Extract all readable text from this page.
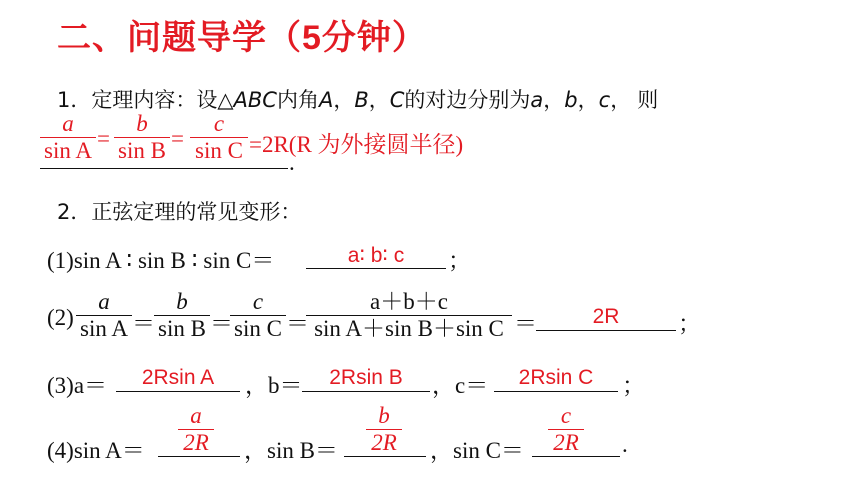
二、问题导学（5分钟）
1．定理内容：设△ABC内角A，B，C的对边分别为a，b，c， 则
a
sin A =
b
sin B =
c
sin C =2R(R 为外接圆半径)
.
2．正弦定理的常见变形：
(1)sin A ∶ sin B ∶ sin C＝	a∶ b∶ c	；
(2)
a
sin A ＝
b
sin B ＝
c
sin C ＝
a＋b＋c
sin A＋sin B＋sin C ＝	2R	；
(3)a＝	2Rsin A	，b＝	2Rsin B	，c＝	2Rsin C	；
(4)sin A＝
a
2R ，sin B＝
b
2R ，sin C＝
c
2R .
